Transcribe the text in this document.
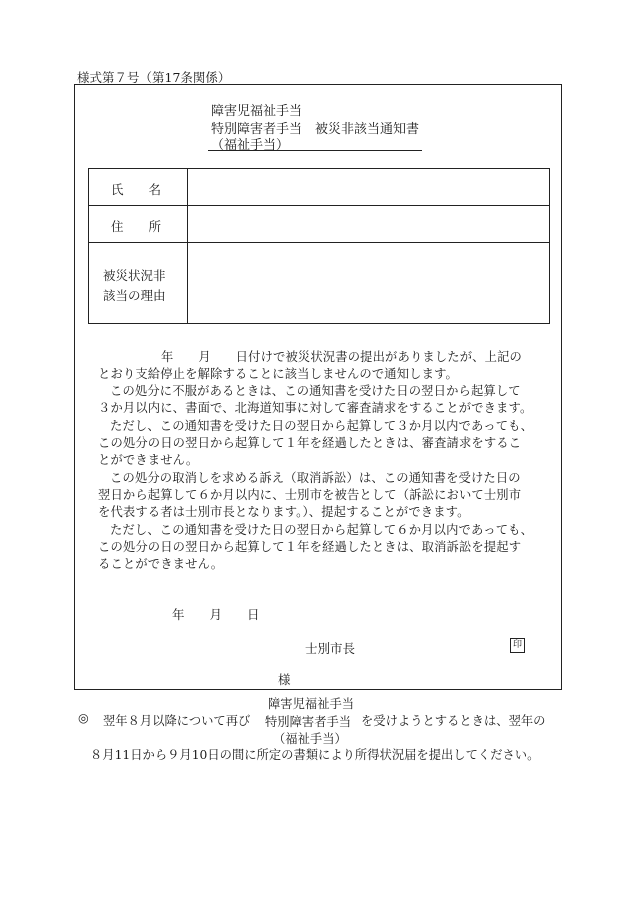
様式第７号（第17条関係）
障害児福祉手当
特別障害者手当　被災非該当通知書
（福祉手当）
氏　　名
住　　所
被災状況非
該当の理由
年　　月　　日付けで被災状況書の提出がありましたが、上記の
とおり支給停止を解除することに該当しませんので通知します。
この処分に不服があるときは、この通知書を受けた日の翌日から起算して
３か月以内に、書面で、北海道知事に対して審査請求をすることができます。
ただし、この通知書を受けた日の翌日から起算して３か月以内であっても、
この処分の日の翌日から起算して１年を経過したときは、審査請求をするこ
とができません。
この処分の取消しを求める訴え（取消訴訟）は、この通知書を受けた日の
翌日から起算して６か月以内に、士別市を被告として（訴訟において士別市
を代表する者は士別市長となります。）、提起することができます。
ただし、この通知書を受けた日の翌日から起算して６か月以内であっても、
この処分の日の翌日から起算して１年を経過したときは、取消訴訟を提起す
ることができません。
年　　月　　日
士別市長	印
様
障害児福祉手当
◎ 翌年８月以降について再び 特別障害者手当 を受けようとするときは、翌年の
（福祉手当）
８月11日から９月10日の間に所定の書類により所得状況届を提出してください。
